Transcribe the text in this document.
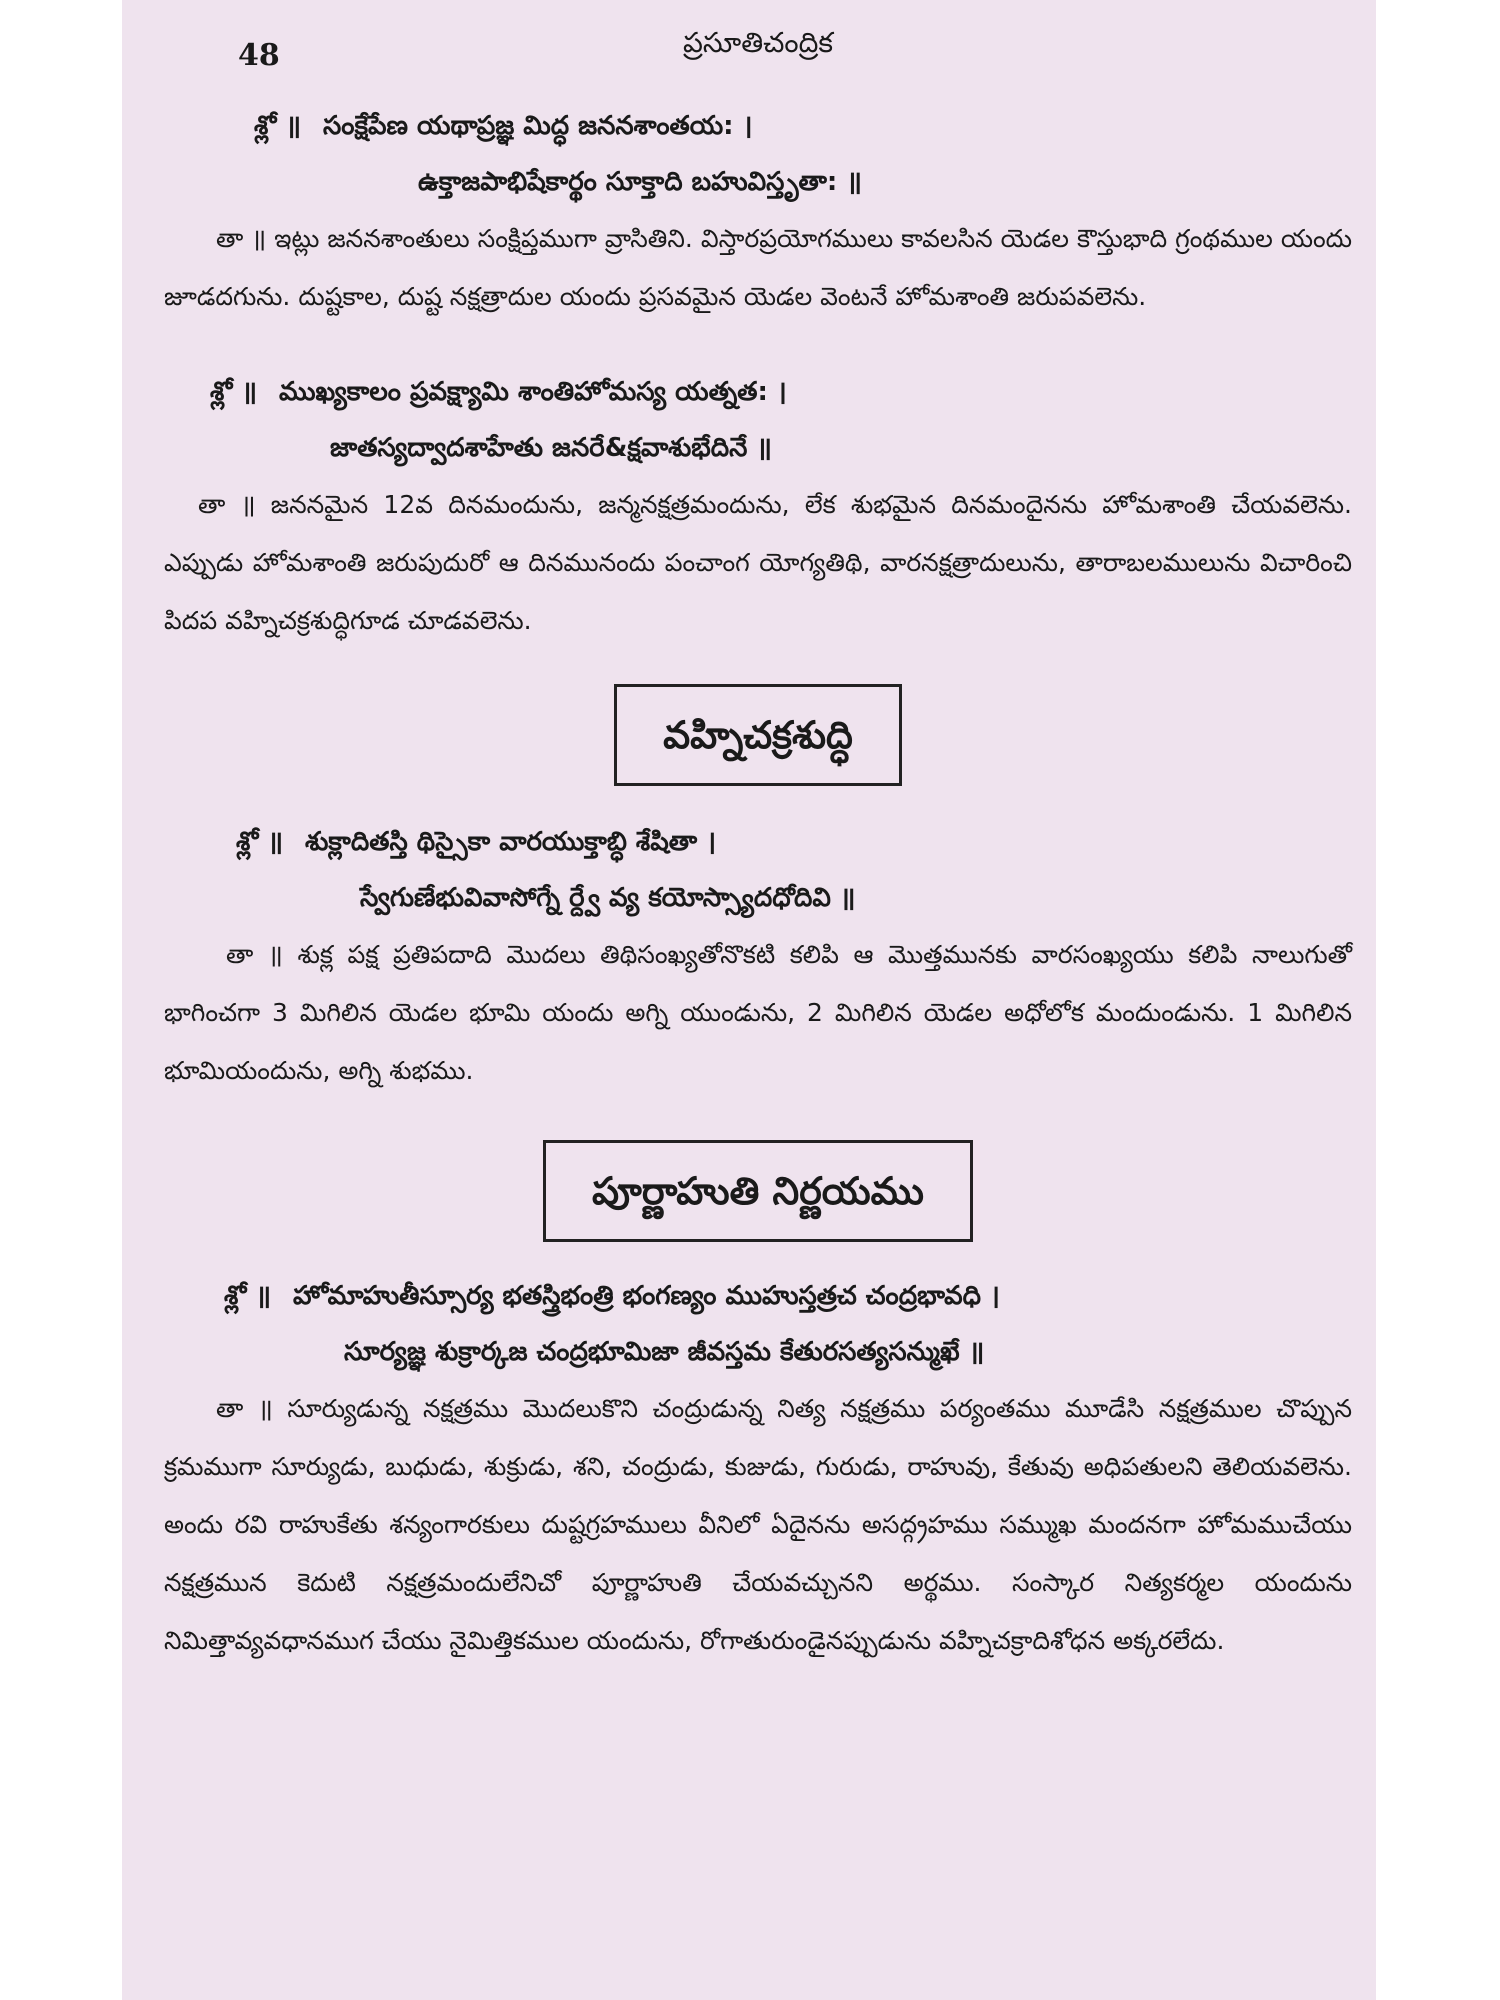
48	ప్రసూతిచంద్రిక
శ్లో ॥ సంక్షేపేణ యథాప్రజ్ఞ మిద్ధ జననశాంతయ: ।
ఉక్తాజపాభిషేకార్థం సూక్తాది బహువిస్తృతా: ॥

తా ॥ ఇట్లు జననశాంతులు సంక్షిప్తముగా వ్రాసితిని. విస్తారప్రయోగములు కావలసిన యెడల కౌస్తుభాది గ్రంథముల యందు జూడదగును. దుష్టకాల, దుష్ట నక్షత్రాదుల యందు ప్రసవమైన యెడల వెంటనే హోమశాంతి జరుపవలెను.

శ్లో ॥ ముఖ్యకాలం ప్రవక్ష్యామి శాంతిహోమస్య యత్నత: ।
జాతస్యద్వాదశాహేతు జనరే&క్షవాశుభేదినే ॥

తా ॥ జననమైన 12వ దినమందును, జన్మనక్షత్రమందును, లేక శుభమైన దినమందైనను హోమశాంతి చేయవలెను. ఎప్పుడు హోమశాంతి జరుపుదురో ఆ దినమునందు పంచాంగ యోగ్యతిథి, వారనక్షత్రాదులును, తారాబలములును విచారించి పిదప వహ్నిచక్రశుద్ధిగూడ చూడవలెను.

వహ్నిచక్రశుద్ధి
శ్లో ॥ శుక్లాదితస్తి థిస్సైకా వారయుక్తాబ్ధి శేషితా ।
స్వేగుణేభువివాసోగ్నే ర్ద్వే వ్య కయోస్స్యాదధోదివి ॥

తా ॥ శుక్ల పక్ష ప్రతిపదాది మొదలు తిథిసంఖ్యతోనొకటి కలిపి ఆ మొత్తమునకు వారసంఖ్యయు కలిపి నాలుగుతో భాగించగా 3 మిగిలిన యెడల భూమి యందు అగ్ని యుండును, 2 మిగిలిన యెడల అధోలోక మందుండును. 1 మిగిలిన భూమియందును, అగ్ని శుభము.

పూర్ణాహుతి నిర్ణయము
శ్లో ॥ హోమాహుతీస్సూర్య భతస్త్రిభంత్రి భంగణ్యం ముహుస్తత్రచ చంద్రభావధి ।
సూర్యజ్ఞ శుక్రార్కజ చంద్రభూమిజా జీవస్తమ కేతురసత్యసన్ముఖే ॥

తా ॥ సూర్యుడున్న నక్షత్రము మొదలుకొని చంద్రుడున్న నిత్య నక్షత్రము పర్యంతము మూడేసి నక్షత్రముల చొప్పున క్రమముగా సూర్యుడు, బుధుడు, శుక్రుడు, శని, చంద్రుడు, కుజుడు, గురుడు, రాహువు, కేతువు అధిపతులని తెలియవలెను. అందు రవి రాహుకేతు శన్యంగారకులు దుష్టగ్రహములు వీనిలో ఏదైనను అసద్గ్రహము సమ్ముఖ మందనగా హోమముచేయు నక్షత్రమున కెదుటి నక్షత్రమందులేనిచో పూర్ణాహుతి చేయవచ్చునని అర్థము. సంస్కార నిత్యకర్మల యందును నిమిత్తావ్యవధానముగ చేయు నైమిత్తికముల యందును, రోగాతురుండైనప్పుడును వహ్నిచక్రాదిశోధన అక్కరలేదు.
